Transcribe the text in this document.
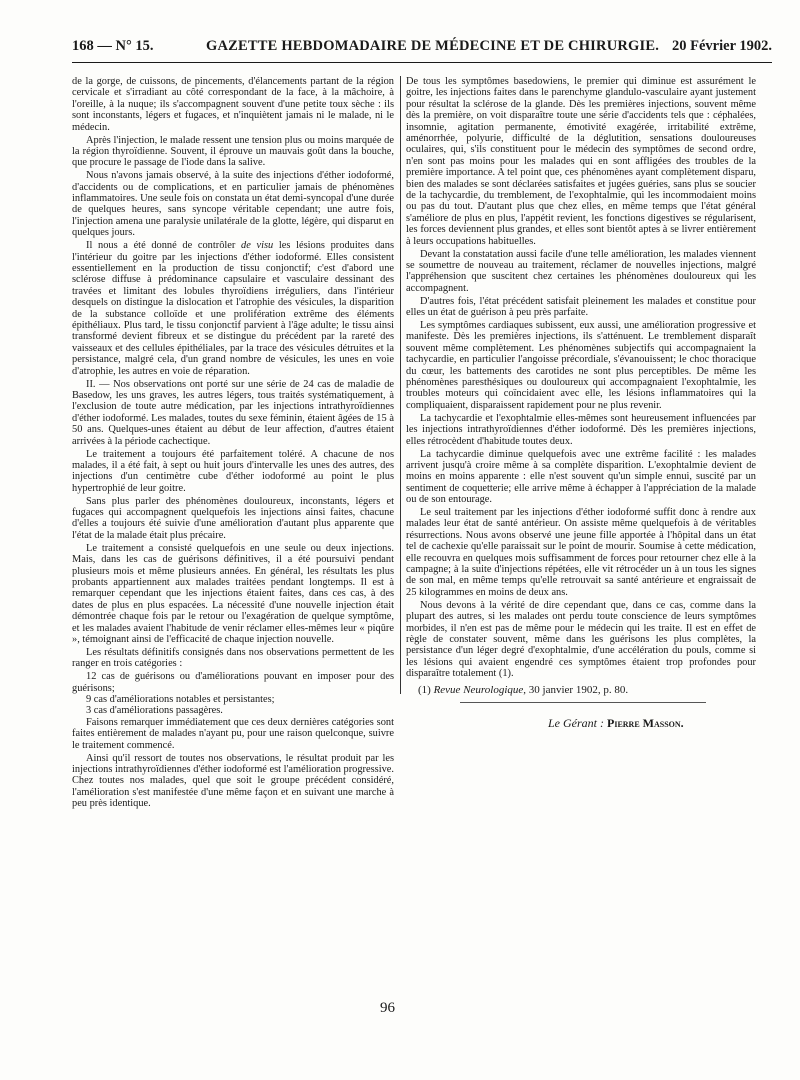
168 — N° 15.	GAZETTE HEBDOMADAIRE DE MÉDECINE ET DE CHIRURGIE. 20 Février 1902.

de la gorge, de cuissons, de pincements, d'élancements partant de la région cervicale et s'irradiant au côté correspondant de la face, à la mâchoire, à l'oreille, à la nuque; ils s'accompagnent souvent d'une petite toux sèche : ils sont inconstants, légers et fugaces, et n'inquiètent jamais ni le malade, ni le médecin.

Après l'injection, le malade ressent une tension plus ou moins marquée de la région thyroïdienne. Souvent, il éprouve un mauvais goût dans la bouche, que procure le passage de l'iode dans la salive.

Nous n'avons jamais observé, à la suite des injections d'éther iodoformé, d'accidents ou de complications, et en particulier jamais de phénomènes inflammatoires. Une seule fois on constata un état demi-syncopal d'une durée de quelques heures, sans syncope véritable cependant; une autre fois, l'injection amena une paralysie unilatérale de la glotte, légère, qui disparut en quelques jours.

Il nous a été donné de contrôler de visu les lésions produites dans l'intérieur du goitre par les injections d'éther iodoformé. Elles consistent essentiellement en la production de tissu conjonctif; c'est d'abord une sclérose diffuse à prédominance capsulaire et vasculaire dessinant des travées et limitant des lobules thyroïdiens irréguliers, dans l'intérieur desquels on distingue la dislocation et l'atrophie des vésicules, la disparition de la substance colloïde et une prolifération extrême des éléments épithéliaux. Plus tard, le tissu conjonctif parvient à l'âge adulte; le tissu ainsi transformé devient fibreux et se distingue du précédent par la rareté des vaisseaux et des cellules épithéliales, par la trace des vésicules détruites et la persistance, malgré cela, d'un grand nombre de vésicules, les unes en voie d'atrophie, les autres en voie de réparation.

II. — Nos observations ont porté sur une série de 24 cas de maladie de Basedow, les uns graves, les autres légers, tous traités systématiquement, à l'exclusion de toute autre médication, par les injections intrathyroïdiennes d'éther iodoformé. Les malades, toutes du sexe féminin, étaient âgées de 15 à 50 ans. Quelques-unes étaient au début de leur affection, d'autres étaient arrivées à la période cachectique.

Le traitement a toujours été parfaitement toléré. A chacune de nos malades, il a été fait, à sept ou huit jours d'intervalle les unes des autres, des injections d'un centimètre cube d'éther iodoformé au point le plus hypertrophié de leur goitre.

Sans plus parler des phénomènes douloureux, inconstants, légers et fugaces qui accompagnent quelquefois les injections ainsi faites, chacune d'elles a toujours été suivie d'une amélioration d'autant plus apparente que l'état de la malade était plus précaire.

Le traitement a consisté quelquefois en une seule ou deux injections. Mais, dans les cas de guérisons définitives, il a été poursuivi pendant plusieurs mois et même plusieurs années. En général, les résultats les plus probants appartiennent aux malades traitées pendant longtemps. Il est à remarquer cependant que les injections étaient faites, dans ces cas, à des dates de plus en plus espacées. La nécessité d'une nouvelle injection était démontrée chaque fois par le retour ou l'exagération de quelque symptôme, et les malades avaient l'habitude de venir réclamer elles-mêmes leur « piqûre », témoignant ainsi de l'efficacité de chaque injection nouvelle.

Les résultats définitifs consignés dans nos observations permettent de les ranger en trois catégories :

12 cas de guérisons ou d'améliorations pouvant en imposer pour des guérisons;

9 cas d'améliorations notables et persistantes;

3 cas d'améliorations passagères.

Faisons remarquer immédiatement que ces deux dernières catégories sont faites entièrement de malades n'ayant pu, pour une raison quelconque, suivre le traitement commencé.

Ainsi qu'il ressort de toutes nos observations, le résultat produit par les injections intrathyroïdiennes d'éther iodoformé est l'amélioration progressive. Chez toutes nos malades, quel que soit le groupe précédent considéré, l'amélioration s'est manifestée d'une même façon et en suivant une marche à peu près identique.

De tous les symptômes basedowiens, le premier qui diminue est assurément le goitre, les injections faites dans le parenchyme glandulo-vasculaire ayant justement pour résultat la sclérose de la glande. Dès les premières injections, souvent même dès la première, on voit disparaître toute une série d'accidents tels que : céphalées, insomnie, agitation permanente, émotivité exagérée, irritabilité extrême, aménorrhée, polyurie, difficulté de la déglutition, sensations douloureuses oculaires, qui, s'ils constituent pour le médecin des symptômes de second ordre, n'en sont pas moins pour les malades qui en sont affligées des troubles de la première importance. A tel point que, ces phénomènes ayant complètement disparu, bien des malades se sont déclarées satisfaites et jugées guéries, sans plus se soucier de la tachycardie, du tremblement, de l'exophtalmie, qui les incommodaient moins ou pas du tout. D'autant plus que chez elles, en même temps que l'état général s'améliore de plus en plus, l'appétit revient, les fonctions digestives se régularisent, les forces deviennent plus grandes, et elles sont bientôt aptes à se livrer entièrement à leurs occupations habituelles.

Devant la constatation aussi facile d'une telle amélioration, les malades viennent se soumettre de nouveau au traitement, réclamer de nouvelles injections, malgré l'appréhension que suscitent chez certaines les phénomènes douloureux qui les accompagnent.

D'autres fois, l'état précédent satisfait pleinement les malades et constitue pour elles un état de guérison à peu près parfaite.

Les symptômes cardiaques subissent, eux aussi, une amélioration progressive et manifeste. Dès les premières injections, ils s'atténuent. Le tremblement disparaît souvent même complètement. Les phénomènes subjectifs qui accompagnaient la tachycardie, en particulier l'angoisse précordiale, s'évanouissent; le choc thoracique du cœur, les battements des carotides ne sont plus perceptibles. De même les phénomènes paresthésiques ou douloureux qui accompagnaient l'exophtalmie, les troubles moteurs qui coïncidaient avec elle, les lésions inflammatoires qui la compliquaient, disparaissent rapidement pour ne plus revenir.

La tachycardie et l'exophtalmie elles-mêmes sont heureusement influencées par les injections intrathyroïdiennes d'éther iodoformé. Dès les premières injections, elles rétrocèdent d'habitude toutes deux.

La tachycardie diminue quelquefois avec une extrême facilité : les malades arrivent jusqu'à croire même à sa complète disparition. L'exophtalmie devient de moins en moins apparente : elle n'est souvent qu'un simple ennui, suscité par un sentiment de coquetterie; elle arrive même à échapper à l'appréciation de la malade ou de son entourage.

Le seul traitement par les injections d'éther iodoformé suffit donc à rendre aux malades leur état de santé antérieur. On assiste même quelquefois à de véritables résurrections. Nous avons observé une jeune fille apportée à l'hôpital dans un état tel de cachexie qu'elle paraissait sur le point de mourir. Soumise à cette médication, elle recouvra en quelques mois suffisamment de forces pour retourner chez elle à la campagne; à la suite d'injections répétées, elle vit rétrocéder un à un tous les signes de son mal, en même temps qu'elle retrouvait sa santé antérieure et engraissait de 25 kilogrammes en moins de deux ans.

Nous devons à la vérité de dire cependant que, dans ce cas, comme dans la plupart des autres, si les malades ont perdu toute conscience de leurs symptômes morbides, il n'en est pas de même pour le médecin qui les traite. Il est en effet de règle de constater souvent, même dans les guérisons les plus complètes, la persistance d'un léger degré d'exophtalmie, d'une accélération du pouls, comme si les lésions qui avaient engendré ces symptômes étaient trop profondes pour disparaître totalement (1).

(1) Revue Neurologique, 30 janvier 1902, p. 80.
Le Gérant : Pierre Masson.
96
